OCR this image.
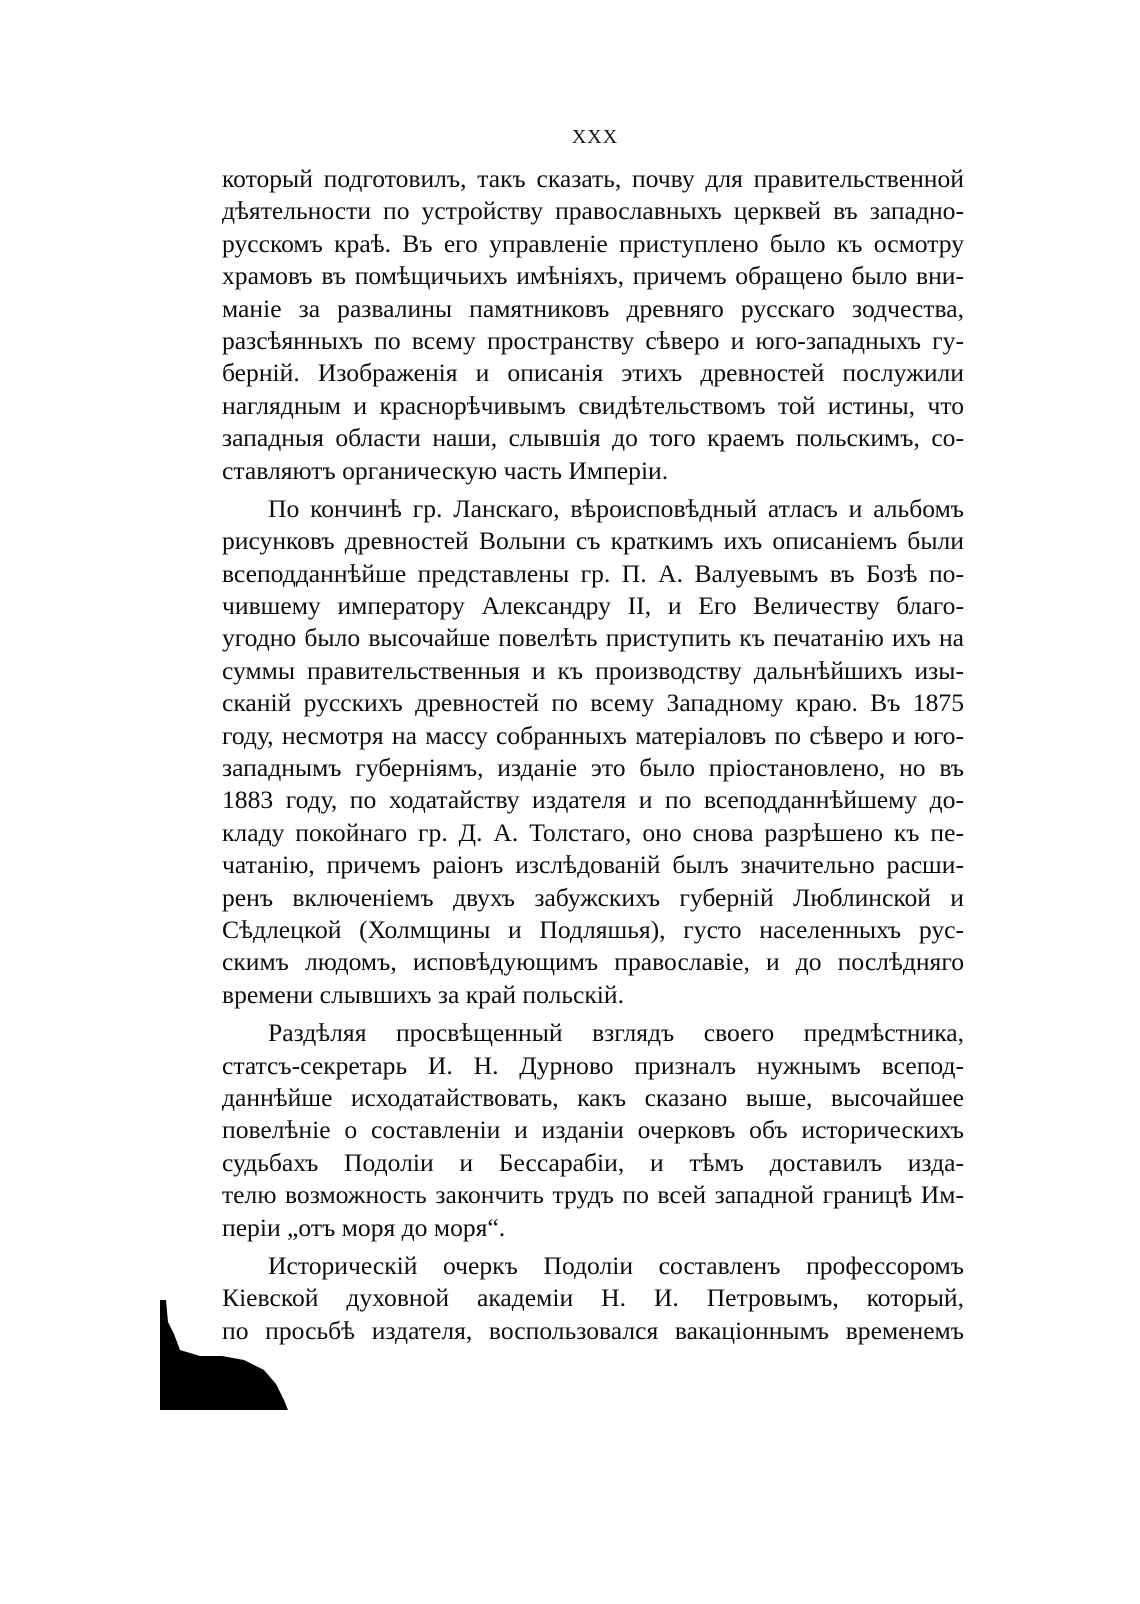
XXX
который подготовилъ, такъ сказать, почву для правительственной
дѣятельности по устройству православныхъ церквей въ западно-
русскомъ краѣ. Въ его управленіе приступлено было къ осмотру
храмовъ въ помѣщичьихъ имѣніяхъ, причемъ обращено было вни-
маніе за развалины памятниковъ древняго русскаго зодчества,
разсѣянныхъ по всему пространству сѣверо и юго-западныхъ гу-
берній. Изображенія и описанія этихъ древностей послужили
наглядным и краснорѣчивымъ свидѣтельствомъ той истины, что
западныя области наши, слывшія до того краемъ польскимъ, со-
ставляютъ органическую часть Имперіи.
По кончинѣ гр. Ланскаго, вѣроисповѣдный атласъ и альбомъ
рисунковъ древностей Волыни съ краткимъ ихъ описаніемъ были
всеподданнѣйше представлены гр. П. А. Валуевымъ въ Бозѣ по-
чившему императору Александру II, и Его Величеству благо-
угодно было высочайше повелѣть приступить къ печатанію ихъ на
суммы правительственныя и къ производству дальнѣйшихъ изы-
сканій русскихъ древностей по всему Западному краю. Въ 1875
году, несмотря на массу собранныхъ матеріаловъ по сѣверо и юго-
западнымъ губерніямъ, изданіе это было пріостановлено, но въ
1883 году, по ходатайству издателя и по всеподданнѣйшему до-
кладу покойнаго гр. Д. А. Толстаго, оно снова разрѣшено къ пе-
чатанію, причемъ раіонъ изслѣдованій былъ значительно расши-
ренъ включеніемъ двухъ забужскихъ губерній Люблинской и
Сѣдлецкой (Холмщины и Подляшья), густо населенныхъ рус-
скимъ людомъ, исповѣдующимъ православіе, и до послѣдняго
времени слывшихъ за край польскій.
Раздѣляя просвѣщенный взглядъ своего предмѣстника,
статсъ-секретарь И. Н. Дурново призналъ нужнымъ всепод-
даннѣйше исходатайствовать, какъ сказано выше, высочайшее
повелѣніе о составленіи и изданіи очерковъ объ историческихъ
судьбахъ Подоліи и Бессарабіи, и тѣмъ доставилъ изда-
телю возможность закончить трудъ по всей западной границѣ Им-
періи „отъ моря до моря“.
Историческій очеркъ Подоліи составленъ профессоромъ
Кіевской духовной академіи Н. И. Петровымъ, который,
по просьбѣ издателя, воспользовался вакаціоннымъ временемъ
